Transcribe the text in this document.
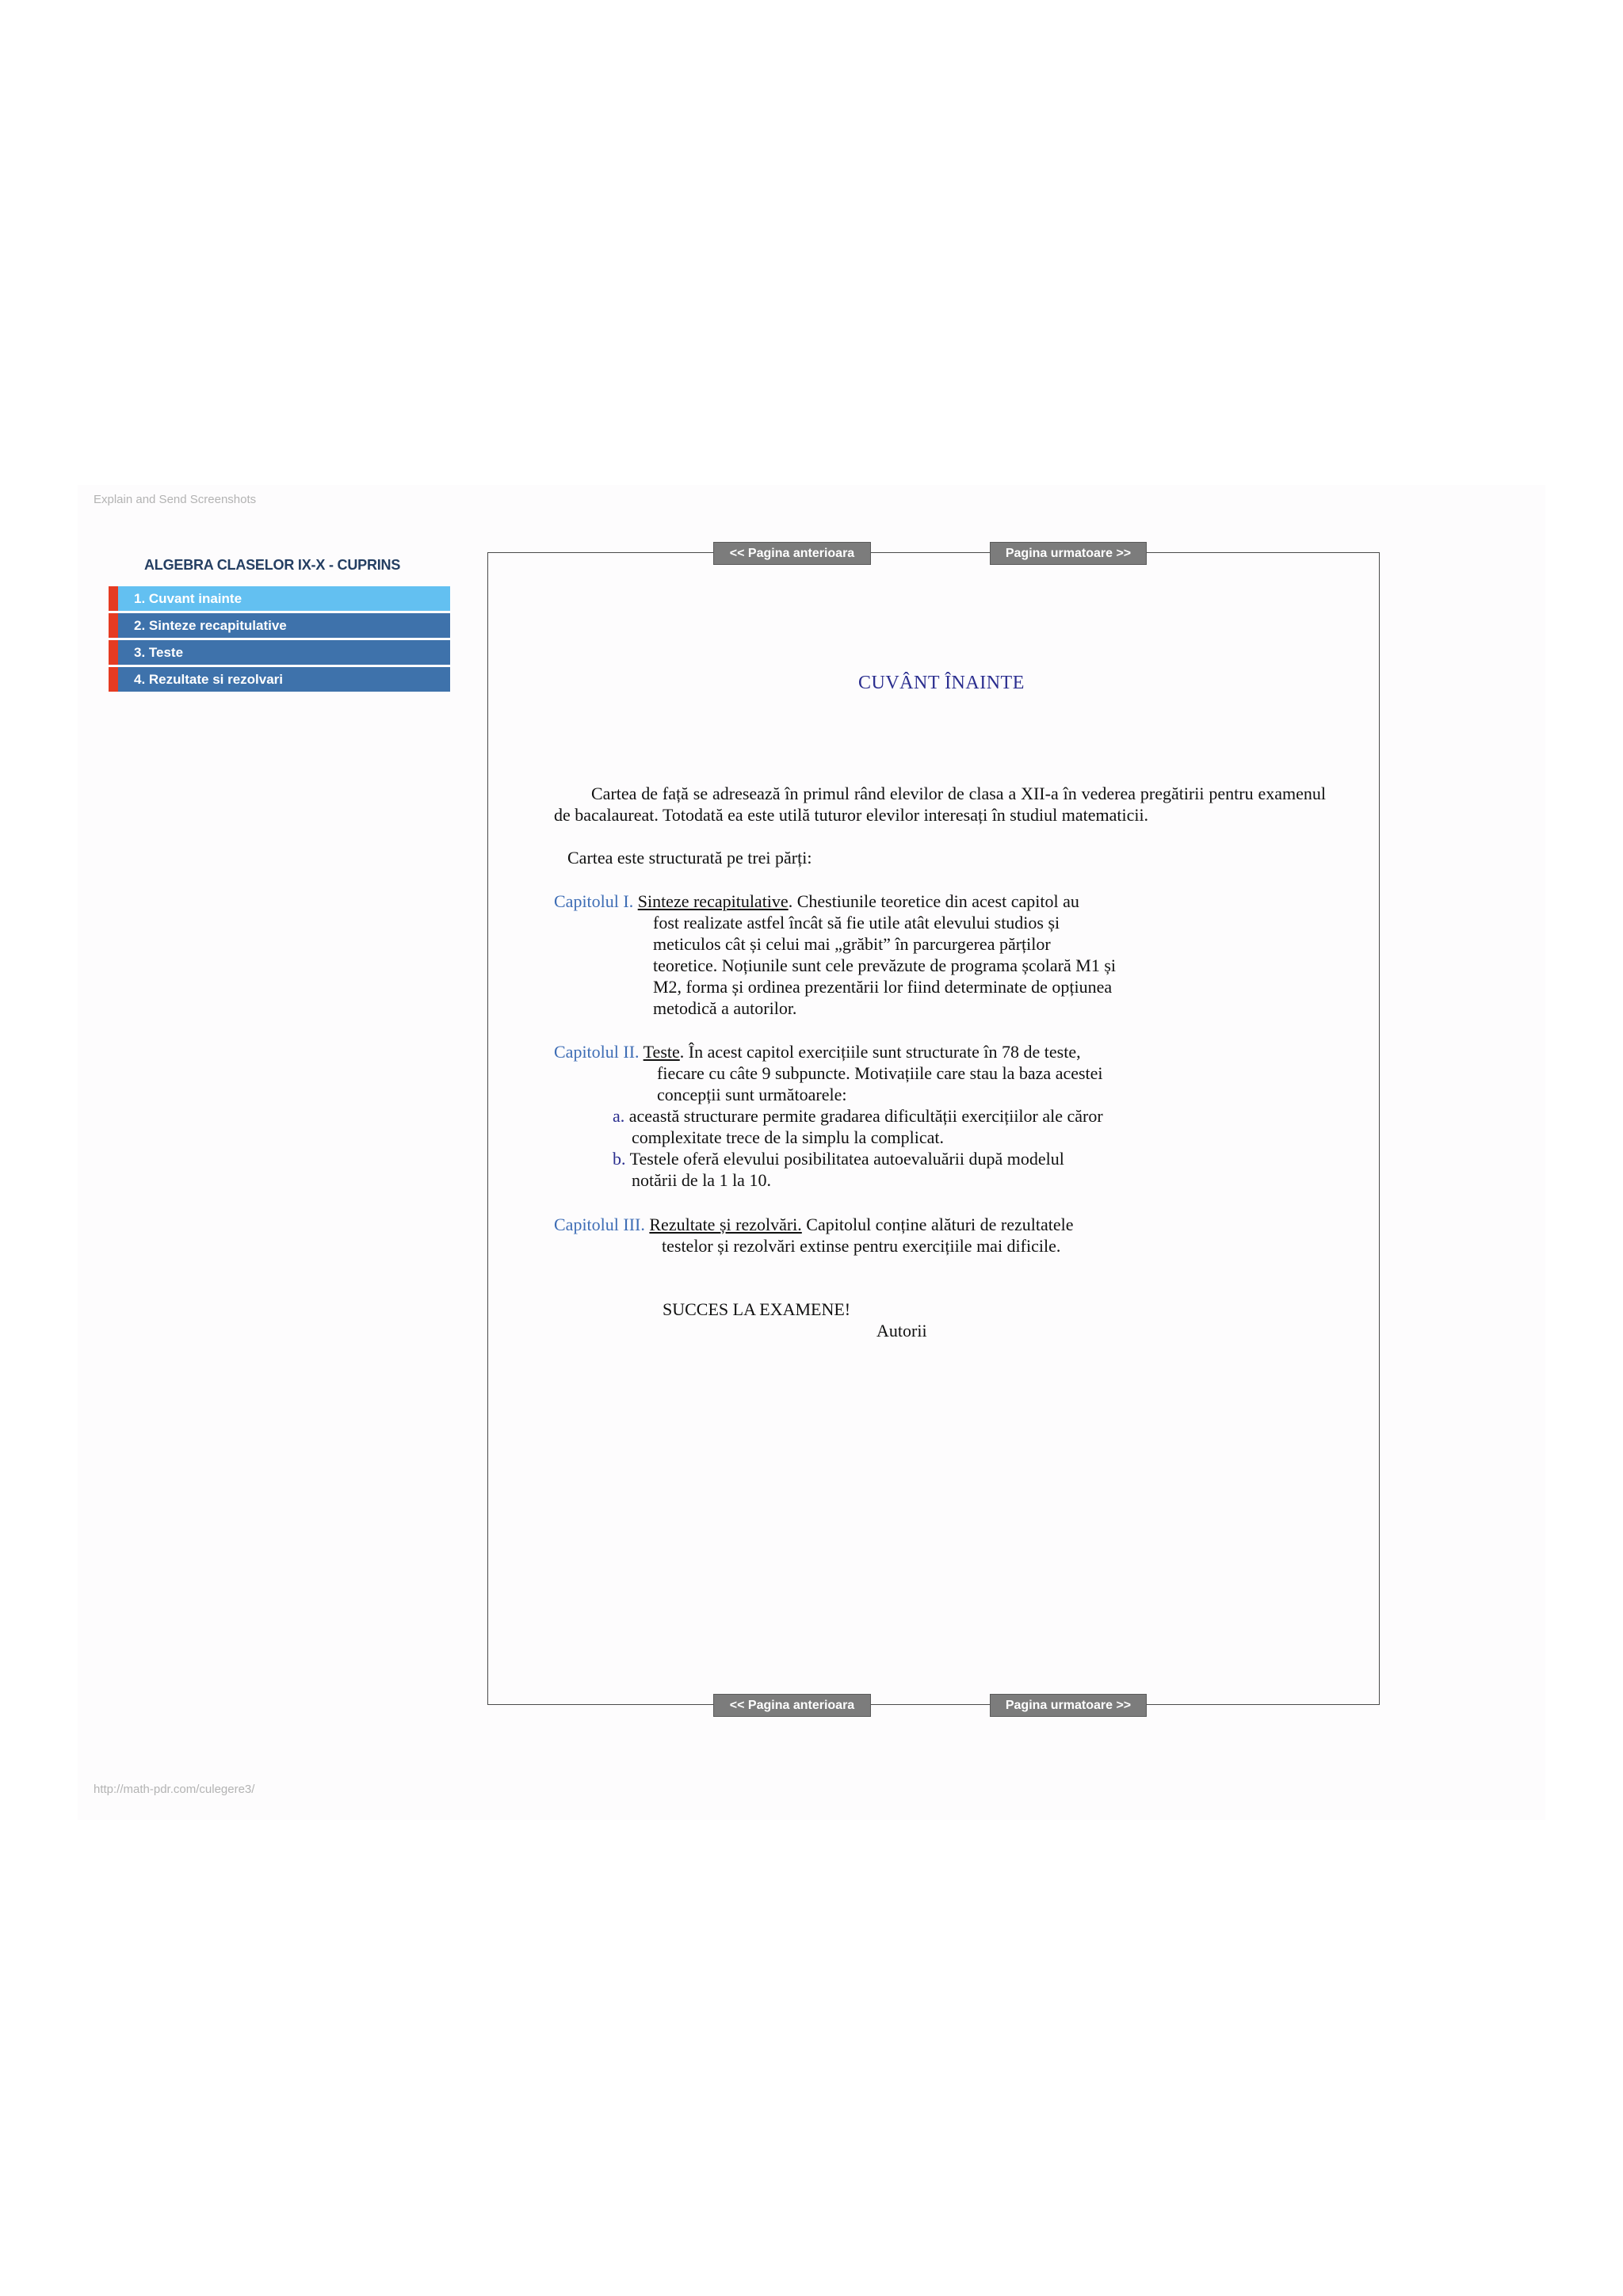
Explain and Send Screenshots
ALGEBRA CLASELOR IX-X - CUPRINS
1. Cuvant inainte
2. Sinteze recapitulative
3. Teste
4. Rezultate si rezolvari
<< Pagina anterioara	Pagina urmatoare >>
<< Pagina anterioara	Pagina urmatoare >>
CUVÂNT ÎNAINTE
Cartea de față se adresează în primul rând elevilor de clasa a XII-a în vederea pregătirii pentru examenul de bacalaureat. Totodată ea este utilă tuturor elevilor interesați în studiul matematicii.
Cartea este structurată pe trei părți:
Capitolul I. Sinteze recapitulative. Chestiunile teoretice din acest capitol au
fost realizate astfel încât să fie utile atât elevului studios și
meticulos cât și celui mai „grăbit” în parcurgerea părților
teoretice. Noțiunile sunt cele prevăzute de programa școlară M1 și
M2, forma și ordinea prezentării lor fiind determinate de opțiunea
metodică a autorilor.
Capitolul II. Teste. În acest capitol exercițiile sunt structurate în 78 de teste,
fiecare cu câte 9 subpuncte. Motivațiile care stau la baza acestei
concepții sunt următoarele:
a. această structurare permite gradarea dificultății exercițiilor ale căror
complexitate trece de la simplu la complicat.
b. Testele oferă elevului posibilitatea autoevaluării după modelul
notării de la 1 la 10.
Capitolul III. Rezultate și rezolvări. Capitolul conține alături de rezultatele
testelor și rezolvări extinse pentru exercițiile mai dificile.
SUCCES LA EXAMENE!
Autorii
http://math-pdr.com/culegere3/
